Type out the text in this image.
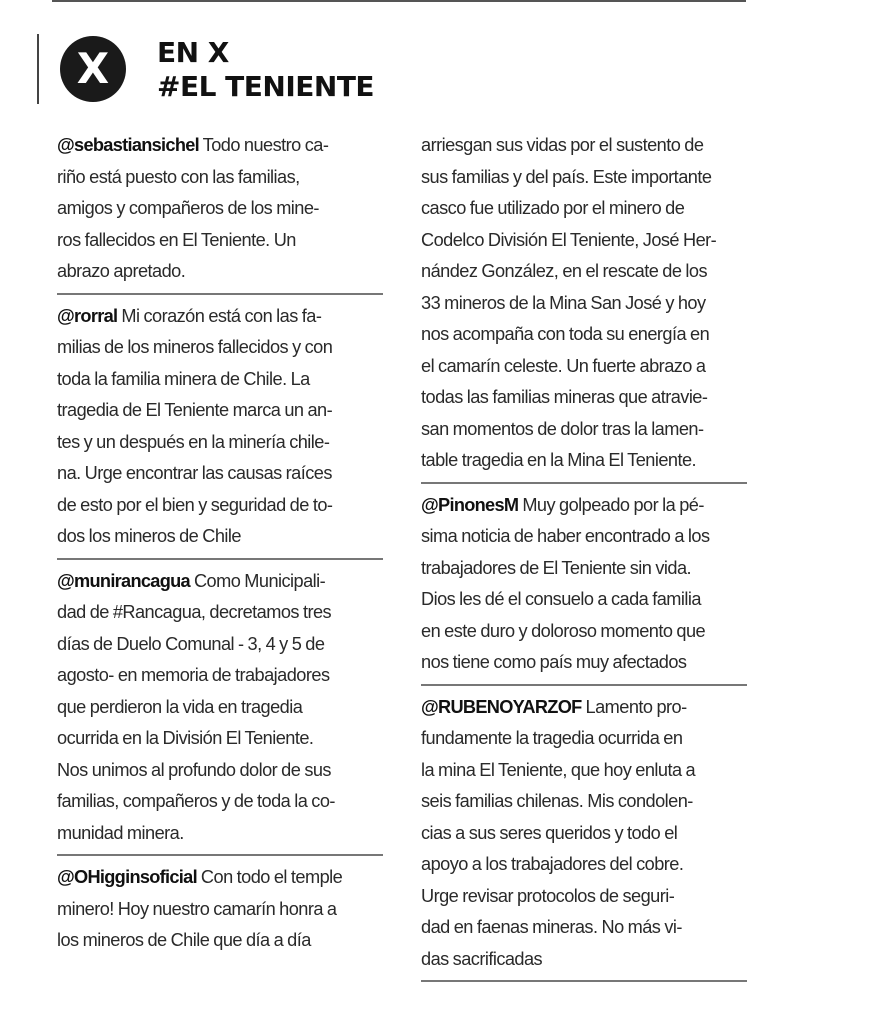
X	EN X
#EL TENIENTE
@sebastiansichel Todo nuestro ca-
riño está puesto con las familias,
amigos y compañeros de los mine-
ros fallecidos en El Teniente. Un
abrazo apretado.
@rorral Mi corazón está con las fa-
milias de los mineros fallecidos y con
toda la familia minera de Chile. La
tragedia de El Teniente marca un an-
tes y un después en la minería chile-
na. Urge encontrar las causas raíces
de esto por el bien y seguridad de to-
dos los mineros de Chile
@munirancagua Como Municipali-
dad de #Rancagua, decretamos tres
días de Duelo Comunal - 3, 4 y 5 de
agosto- en memoria de trabajadores
que perdieron la vida en tragedia
ocurrida en la División El Teniente.
Nos unimos al profundo dolor de sus
familias, compañeros y de toda la co-
munidad minera.
@OHigginsoficial Con todo el temple
minero! Hoy nuestro camarín honra a
los mineros de Chile que día a día
arriesgan sus vidas por el sustento de
sus familias y del país. Este importante
casco fue utilizado por el minero de
Codelco División El Teniente, José Her-
nández González, en el rescate de los
33 mineros de la Mina San José y hoy
nos acompaña con toda su energía en
el camarín celeste. Un fuerte abrazo a
todas las familias mineras que atravie-
san momentos de dolor tras la lamen-
table tragedia en la Mina El Teniente.
@PinonesM Muy golpeado por la pé-
sima noticia de haber encontrado a los
trabajadores de El Teniente sin vida.
Dios les dé el consuelo a cada familia
en este duro y doloroso momento que
nos tiene como país muy afectados
@RUBENOYARZOF Lamento pro-
fundamente la tragedia ocurrida en
la mina El Teniente, que hoy enluta a
seis familias chilenas. Mis condolen-
cias a sus seres queridos y todo el
apoyo a los trabajadores del cobre.
Urge revisar protocolos de seguri-
dad en faenas mineras. No más vi-
das sacrificadas
